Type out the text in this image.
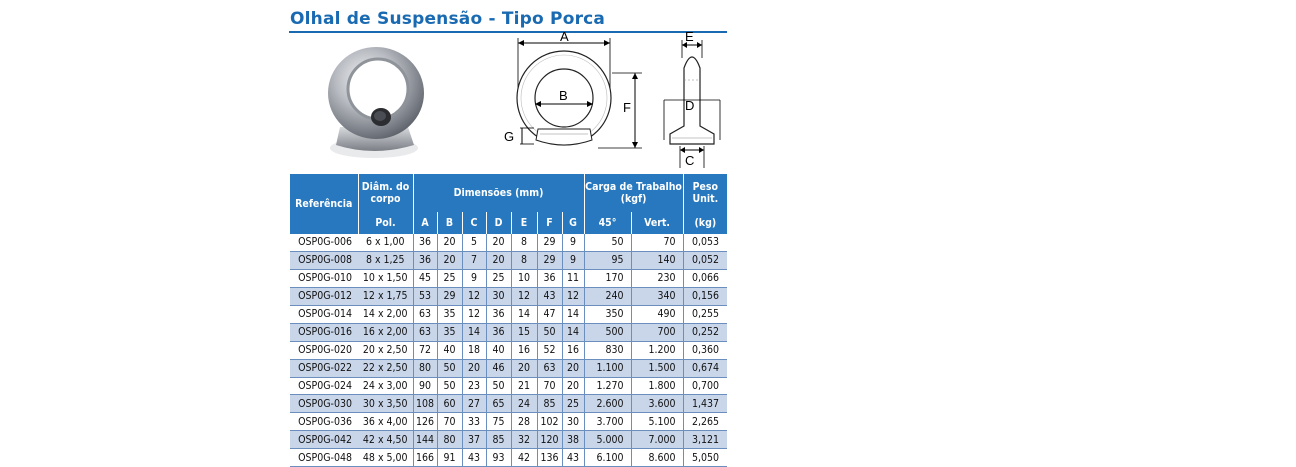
Olhal de Suspensão - Tipo Porca
A
B
F
G
E
D
C
Referência	Diâm. do corpo	Dimensões (mm)							Carga de Trabalho (kgf)		Peso Unit.
	Pol.	A	B	C	D	E	F	G	45°	Vert.	(kg)
OSP0G-006	6 x 1,00	36	20	5	20	8	29	9	50	70	0,053
OSP0G-008	8 x 1,25	36	20	7	20	8	29	9	95	140	0,052
OSP0G-010	10 x 1,50	45	25	9	25	10	36	11	170	230	0,066
OSP0G-012	12 x 1,75	53	29	12	30	12	43	12	240	340	0,156
OSP0G-014	14 x 2,00	63	35	12	36	14	47	14	350	490	0,255
OSP0G-016	16 x 2,00	63	35	14	36	15	50	14	500	700	0,252
OSP0G-020	20 x 2,50	72	40	18	40	16	52	16	830	1.200	0,360
OSP0G-022	22 x 2,50	80	50	20	46	20	63	20	1.100	1.500	0,674
OSP0G-024	24 x 3,00	90	50	23	50	21	70	20	1.270	1.800	0,700
OSP0G-030	30 x 3,50	108	60	27	65	24	85	25	2.600	3.600	1,437
OSP0G-036	36 x 4,00	126	70	33	75	28	102	30	3.700	5.100	2,265
OSP0G-042	42 x 4,50	144	80	37	85	32	120	38	5.000	7.000	3,121
OSP0G-048	48 x 5,00	166	91	43	93	42	136	43	6.100	8.600	5,050
